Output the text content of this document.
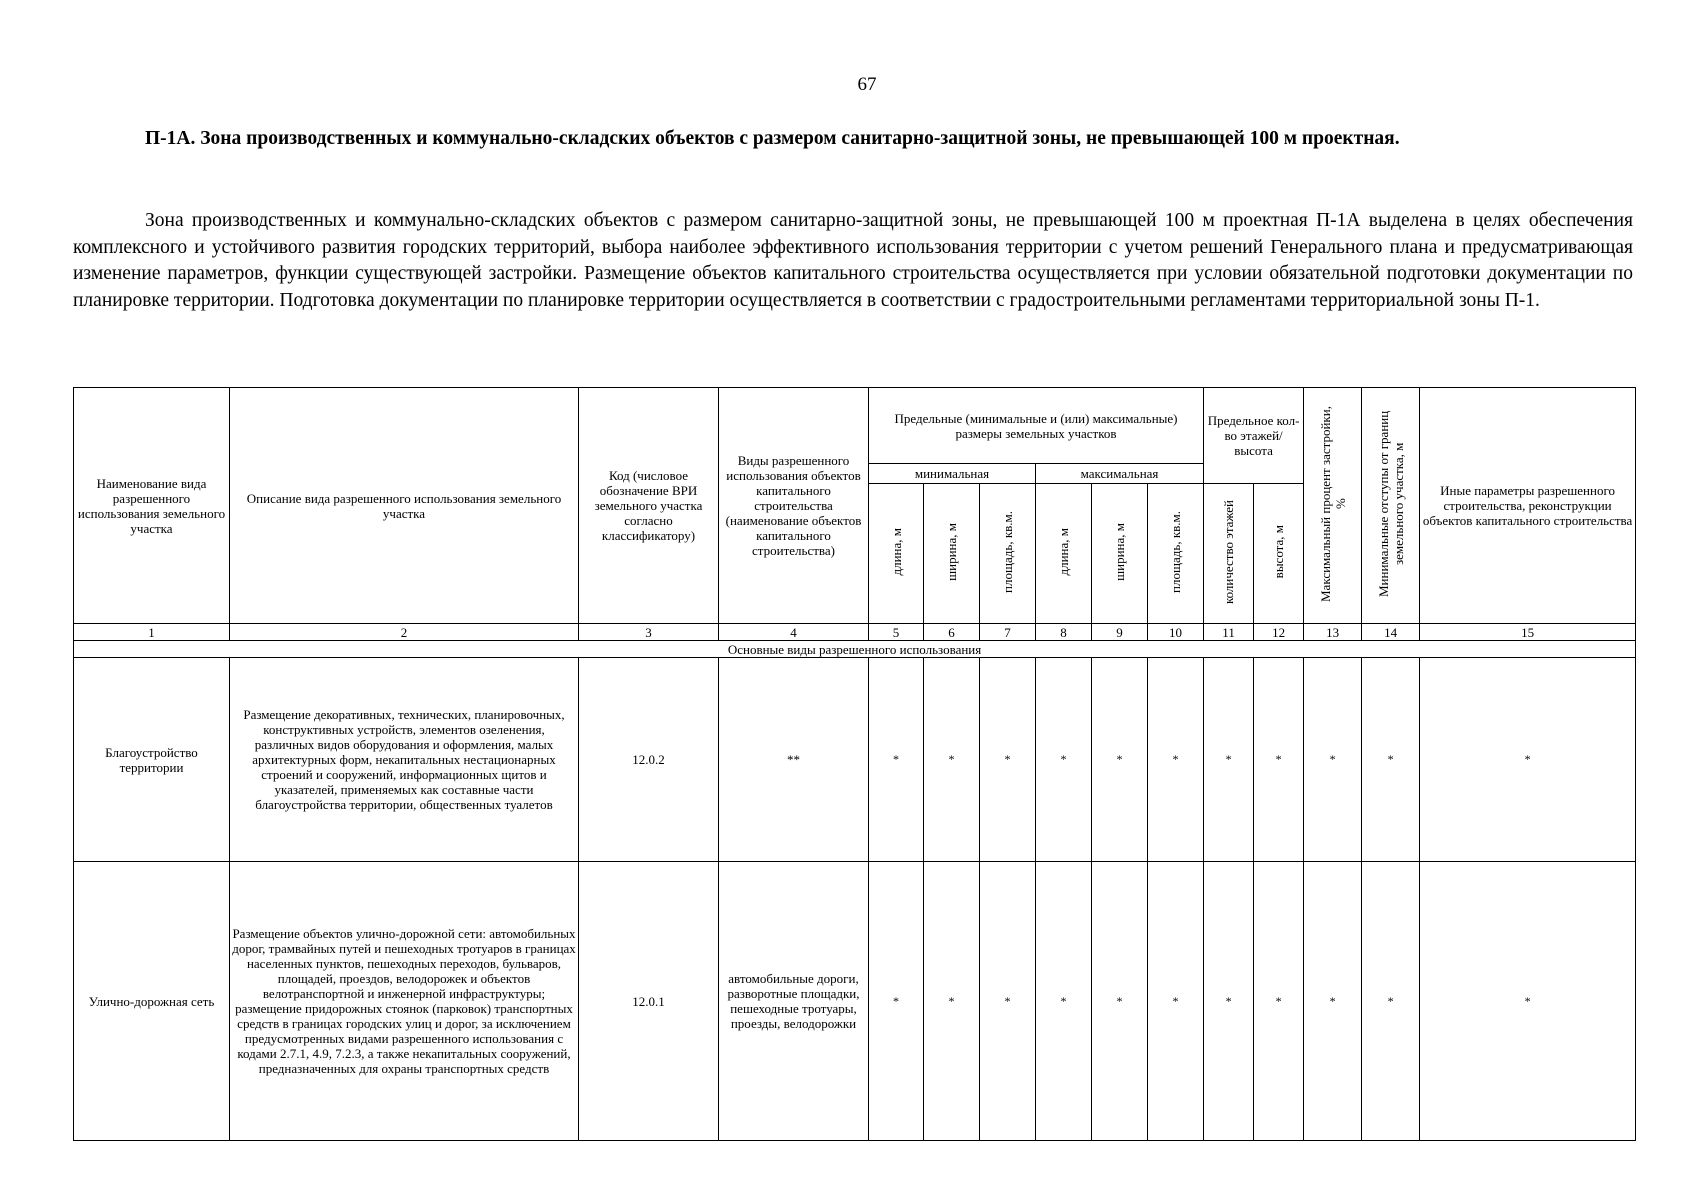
67
П-1А. Зона производственных и коммунально-складских объектов с размером санитарно-защитной зоны, не превышающей 100 м проектная.
Зона производственных и коммунально-складских объектов с размером санитарно-защитной зоны, не превышающей 100 м проектная П-1А выделена в целях обеспечения комплексного и устойчивого развития городских территорий, выбора наиболее эффективного использования территории с учетом решений Генерального плана и предусматривающая изменение параметров, функции существующей застройки. Размещение объектов капитального строительства осуществляется при условии обязательной подготовки документации по планировке территории. Подготовка документации по планировке территории осуществляется в соответствии с градостроительными регламентами территориальной зоны П-1.
Наименование вида разрешенного использования земельного участка	Описание вида разрешенного использования земельного участка	Код (числовое обозначение ВРИ земельного участка согласно классификатору)	Виды разрешенного использования объектов капитального строительства (наименование объектов капитального строительства)	Предельные (минимальные и (или) максимальные) размеры земельных участков						Предельное кол-во этажей/ высота		Максимальный процент застройки, %	Минимальные отступы от границ земельного участка, м	Иные параметры разрешенного строительства, реконструкции объектов капитального строительства
				минимальная			максимальная							
				длина, м	ширина, м	площадь, кв.м.	длина, м	ширина, м	площадь, кв.м.	количество этажей	высота, м			
1	2	3	4	5	6	7	8	9	10	11	12	13	14	15
Основные виды разрешенного использования														
Благоустройство территории	Размещение декоративных, технических, планировочных, конструктивных устройств, элементов озеленения, различных видов оборудования и оформления, малых архитектурных форм, некапитальных нестационарных строений и сооружений, информационных щитов и указателей, применяемых как составные части благоустройства территории, общественных туалетов	12.0.2	**	*	*	*	*	*	*	*	*	*	*	*
Улично-дорожная сеть	Размещение объектов улично-дорожной сети: автомобильных дорог, трамвайных путей и пешеходных тротуаров в границах населенных пунктов, пешеходных переходов, бульваров, площадей, проездов, велодорожек и объектов велотранспортной и инженерной инфраструктуры; размещение придорожных стоянок (парковок) транспортных средств в границах городских улиц и дорог, за исключением предусмотренных видами разрешенного использования с кодами 2.7.1, 4.9, 7.2.3, а также некапитальных сооружений, предназначенных для охраны транспортных средств	12.0.1	автомобильные дороги, разворотные площадки, пешеходные тротуары, проезды, велодорожки	*	*	*	*	*	*	*	*	*	*	*
